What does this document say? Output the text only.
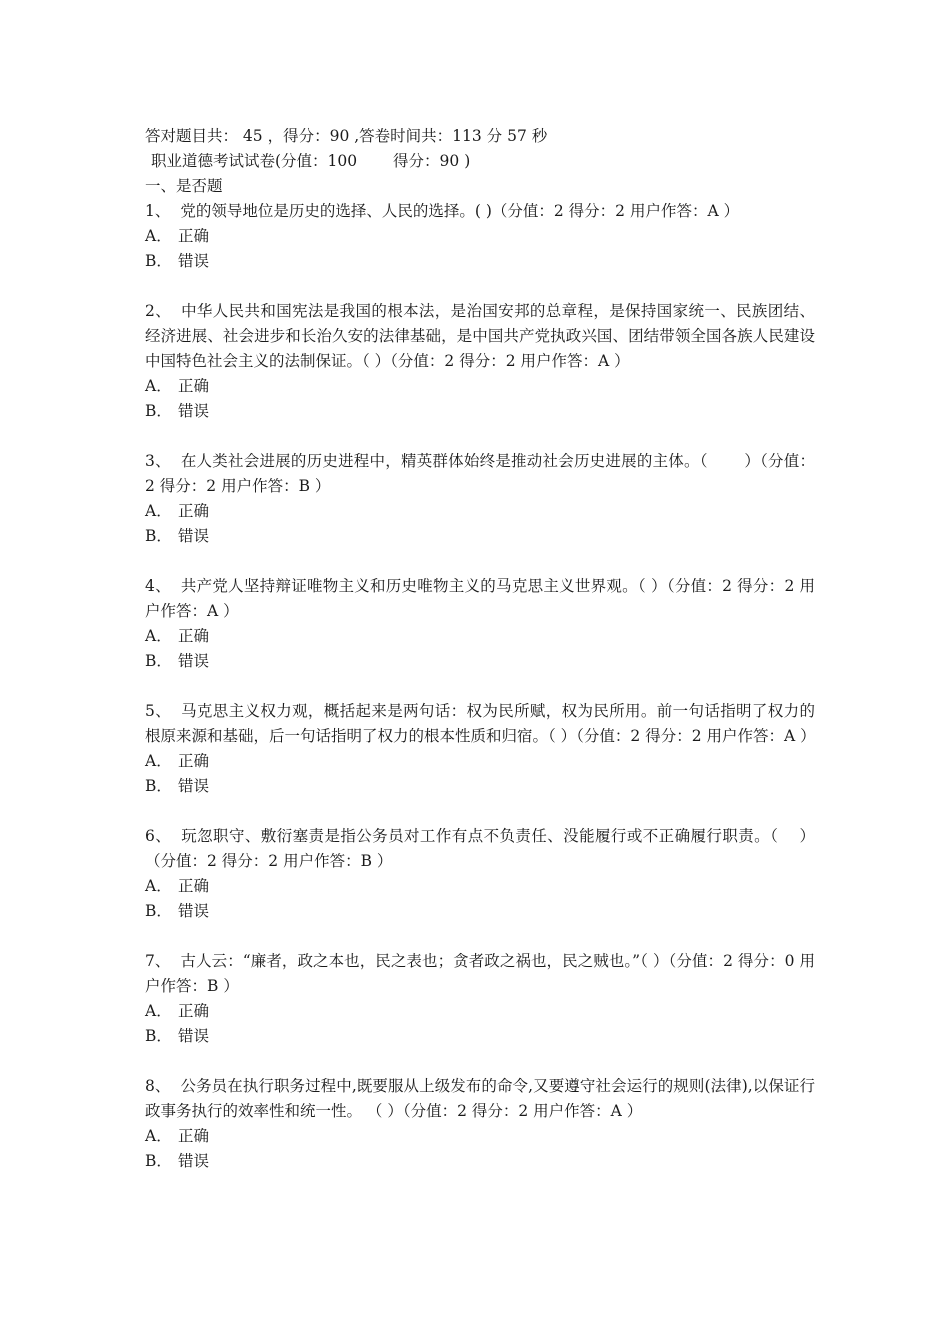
答对题目共： 45 ，得分：90 ,答卷时间共：113 分 57 秒
职业道德考试试卷(分值：100　　 得分：90 )
一、是否题
1、 党的领导地位是历史的选择、人民的选择。( )（分值：2 得分：2 用户作答：A ）
A． 正确
B． 错误
2、 中华人民共和国宪法是我国的根本法，是治国安邦的总章程，是保持国家统一、民族团结、经济进展、社会进步和长治久安的法律基础，是中国共产党执政兴国、团结带领全国各族人民建设中国特色社会主义的法制保证。（ ）（分值：2 得分：2 用户作答：A ）
A． 正确
B． 错误
3、 在人类社会进展的历史进程中，精英群体始终是推动社会历史进展的主体。（　　 ）（分值：2 得分：2 用户作答：B ）
A． 正确
B． 错误
4、 共产党人坚持辩证唯物主义和历史唯物主义的马克思主义世界观。（ ）（分值：2 得分：2 用户作答：A ）
A． 正确
B． 错误
5、 马克思主义权力观，概括起来是两句话：权为民所赋，权为民所用。前一句话指明了权力的根原来源和基础，后一句话指明了权力的根本性质和归宿。（ ）（分值：2 得分：2 用户作答：A ）
A． 正确
B． 错误
6、 玩忽职守、敷衍塞责是指公务员对工作有点不负责任、没能履行或不正确履行职责。（　 ）（分值：2 得分：2 用户作答：B ）
A． 正确
B． 错误
7、 古人云：“廉者，政之本也，民之表也；贪者政之祸也，民之贼也。”（ ）（分值：2 得分：0 用户作答：B ）
A． 正确
B． 错误
8、 公务员在执行职务过程中,既要服从上级发布的命令,又要遵守社会运行的规则(法律),以保证行政事务执行的效率性和统一性。 （ ）（分值：2 得分：2 用户作答：A ）
A． 正确
B． 错误
